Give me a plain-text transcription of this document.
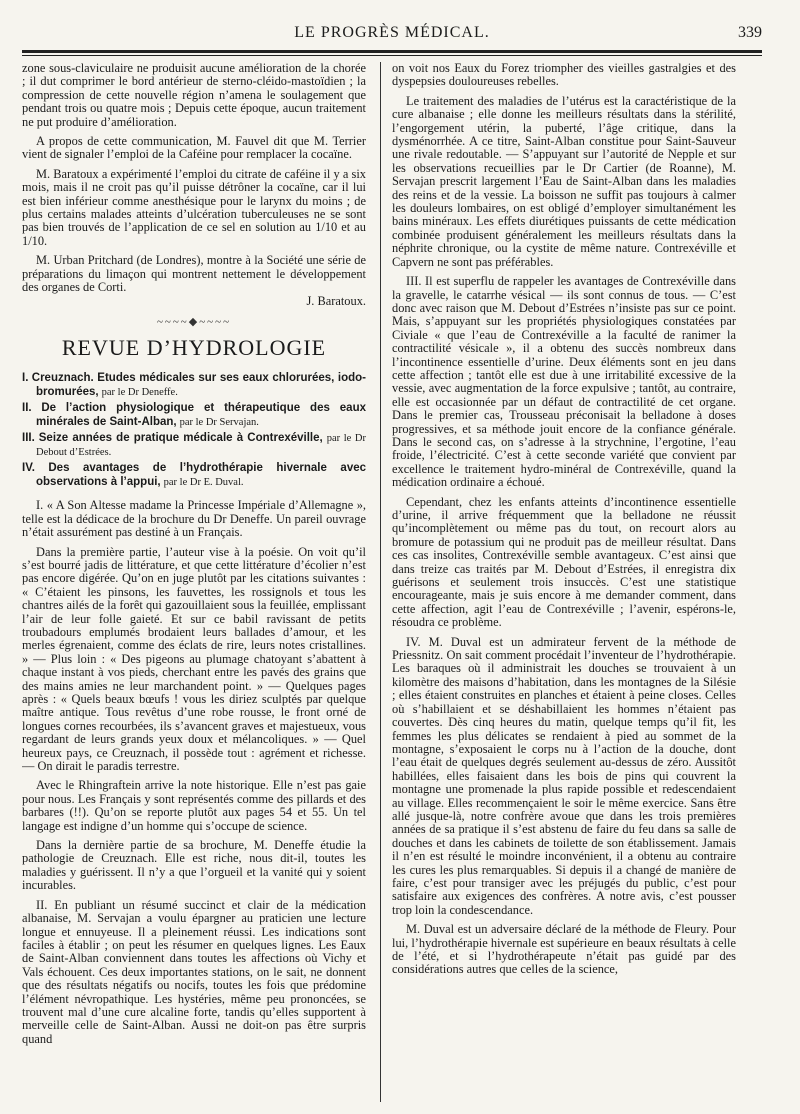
LE PROGRÈS MÉDICAL.	339

zone sous-claviculaire ne produisit aucune amélioration de la chorée ; il dut comprimer le bord antérieur de sterno-cléido-mastoïdien ; la compression de cette nouvelle région n’amena le soulagement que pendant trois ou quatre mois ; Depuis cette époque, aucun traitement ne put produire d’amélioration.

A propos de cette communication, M. Fauvel dit que M. Terrier vient de signaler l’emploi de la Caféine pour remplacer la cocaïne.

M. Baratoux a expérimenté l’emploi du citrate de caféine il y a six mois, mais il ne croit pas qu’il puisse détrôner la cocaïne, car il lui est bien inférieur comme anesthésique pour le larynx du moins ; de plus certains malades atteints d’ulcération tuberculeuses ne se sont pas bien trouvés de l’application de ce sel en solution au 1/10 et au 1/10.

M. Urban Pritchard (de Londres), montre à la Société une série de préparations du limaçon qui montrent nettement le développement des organes de Corti.

J. Baratoux.
~~~~◆~~~~
REVUE D’HYDROLOGIE
I. Creuznach. Etudes médicales sur ses eaux chlorurées, iodo-bromurées, par le Dr Deneffe.
II. De l’action physiologique et thérapeutique des eaux minérales de Saint-Alban, par le Dr Servajan.
III. Seize années de pratique médicale à Contrexéville, par le Dr Debout d’Estrées.
IV. Des avantages de l’hydrothérapie hivernale avec observations à l’appui, par le Dr E. Duval.

I. « A Son Altesse madame la Princesse Impériale d’Allemagne », telle est la dédicace de la brochure du Dr Deneffe. Un pareil ouvrage n’était assurément pas destiné à un Français.

Dans la première partie, l’auteur vise à la poésie. On voit qu’il s’est bourré jadis de littérature, et que cette littérature d’écolier n’est pas encore digérée. Qu’on en juge plutôt par les citations suivantes : « C’étaient les pinsons, les fauvettes, les rossignols et tous les chantres ailés de la forêt qui gazouillaient sous la feuillée, emplissant l’air de leur folle gaieté. Et sur ce babil ravissant de petits troubadours emplumés brodaient leurs ballades d’amour, et les merles égrenaient, comme des éclats de rire, leurs notes cristallines. » — Plus loin : « Des pigeons au plumage chatoyant s’abattent à chaque instant à vos pieds, cherchant entre les pavés des grains que des mains amies ne leur marchandent point. » — Quelques pages après : « Quels beaux bœufs ! vous les diriez sculptés par quelque maître antique. Tous revêtus d’une robe rousse, le front orné de longues cornes recourbées, ils s’avancent graves et majestueux, vous regardant de leurs grands yeux doux et mélancoliques. » — Quel heureux pays, ce Creuznach, il possède tout : agrément et richesse. — On dirait le paradis terrestre.

Avec le Rhingraftein arrive la note historique. Elle n’est pas gaie pour nous. Les Français y sont représentés comme des pillards et des barbares (!!). Qu’on se reporte plutôt aux pages 54 et 55. Un tel langage est indigne d’un homme qui s’occupe de science.

Dans la dernière partie de sa brochure, M. Deneffe étudie la pathologie de Creuznach. Elle est riche, nous dit-il, toutes les maladies y guérissent. Il n’y a que l’orgueil et la vanité qui y soient incurables.

II. En publiant un résumé succinct et clair de la médication albanaise, M. Servajan a voulu épargner au praticien une lecture longue et ennuyeuse. Il a pleinement réussi. Les indications sont faciles à établir ; on peut les résumer en quelques lignes. Les Eaux de Saint-Alban conviennent dans toutes les affections où Vichy et Vals échouent. Ces deux importantes stations, on le sait, ne donnent que des résultats négatifs ou nocifs, toutes les fois que prédomine l’élément névropathique. Les hystéries, même peu prononcées, se trouvent mal d’une cure alcaline forte, tandis qu’elles supportent à merveille celle de Saint-Alban. Aussi ne doit-on pas être surpris quand

on voit nos Eaux du Forez triompher des vieilles gastralgies et des dyspepsies douloureuses rebelles.

Le traitement des maladies de l’utérus est la caractéristique de la cure albanaise ; elle donne les meilleurs résultats dans la stérilité, l’engorgement utérin, la puberté, l’âge critique, dans la dysménorrhée. A ce titre, Saint-Alban constitue pour Saint-Sauveur une rivale redoutable. — S’appuyant sur l’autorité de Nepple et sur les observations recueillies par le Dr Cartier (de Roanne), M. Servajan prescrit largement l’Eau de Saint-Alban dans les maladies des reins et de la vessie. La boisson ne suffit pas toujours à calmer les douleurs lombaires, on est obligé d’employer simultanément les bains minéraux. Les effets diurétiques puissants de cette médication combinée produisent généralement les meilleurs résultats dans la néphrite chronique, ou la cystite de même nature. Contrexéville et Capvern ne sont pas préférables.

III. Il est superflu de rappeler les avantages de Contrexéville dans la gravelle, le catarrhe vésical — ils sont connus de tous. — C’est donc avec raison que M. Debout d’Estrées n’insiste pas sur ce point. Mais, s’appuyant sur les propriétés physiologiques constatées par Civiale « que l’eau de Contrexéville a la faculté de ranimer la contractilité vésicale », il a obtenu des succès nombreux dans l’incontinence essentielle d’urine. Deux éléments sont en jeu dans cette affection ; tantôt elle est due à une irritabilité excessive de la vessie, avec augmentation de la force expulsive ; tantôt, au contraire, elle est occasionnée par un défaut de contractilité de cet organe. Dans le premier cas, Trousseau préconisait la belladone à doses progressives, et sa méthode jouit encore de la confiance générale. Dans le second cas, on s’adresse à la strychnine, l’ergotine, l’eau froide, l’électricité. C’est à cette seconde variété que convient par excellence le traitement hydro-minéral de Contrexéville, quand la médication ordinaire a échoué.

Cependant, chez les enfants atteints d’incontinence essentielle d’urine, il arrive fréquemment que la belladone ne réussit qu’incomplètement ou même pas du tout, on recourt alors au bromure de potassium qui ne produit pas de meilleur résultat. Dans ces cas insolites, Contrexéville semble avantageux. C’est ainsi que dans treize cas traités par M. Debout d’Estrées, il enregistra dix guérisons et seulement trois insuccès. C’est une statistique encourageante, mais je suis encore à me demander comment, dans cette affection, agit l’eau de Contrexéville ; l’avenir, espérons-le, résoudra ce problème.

IV. M. Duval est un admirateur fervent de la méthode de Priessnitz. On sait comment procédait l’inventeur de l’hydrothérapie. Les baraques où il administrait les douches se trouvaient à un kilomètre des maisons d’habitation, dans les montagnes de la Silésie ; elles étaient construites en planches et étaient à peine closes. Celles où s’habillaient et se déshabillaient les hommes n’étaient pas couvertes. Dès cinq heures du matin, quelque temps qu’il fit, les femmes les plus délicates se rendaient à pied au sommet de la montagne, s’exposaient le corps nu à l’action de la douche, dont l’eau était de quelques degrés seulement au-dessus de zéro. Aussitôt habillées, elles faisaient dans les bois de pins qui couvrent la montagne une promenade la plus rapide possible et redescendaient au village. Elles recommençaient le soir le même exercice. Sans être allé jusque-là, notre confrère avoue que dans les trois premières années de sa pratique il s’est abstenu de faire du feu dans sa salle de douches et dans les cabinets de toilette de son établissement. Jamais il n’en est résulté le moindre inconvénient, il a obtenu au contraire les cures les plus remarquables. Si depuis il a changé de manière de faire, c’est pour transiger avec les préjugés du public, c’est pour satisfaire aux exigences des confrères. A notre avis, c’est pousser trop loin la condescendance.

M. Duval est un adversaire déclaré de la méthode de Fleury. Pour lui, l’hydrothérapie hivernale est supérieure en beaux résultats à celle de l’été, et si l’hydrothérapeute n’était pas guidé par des considérations autres que celles de la science,
